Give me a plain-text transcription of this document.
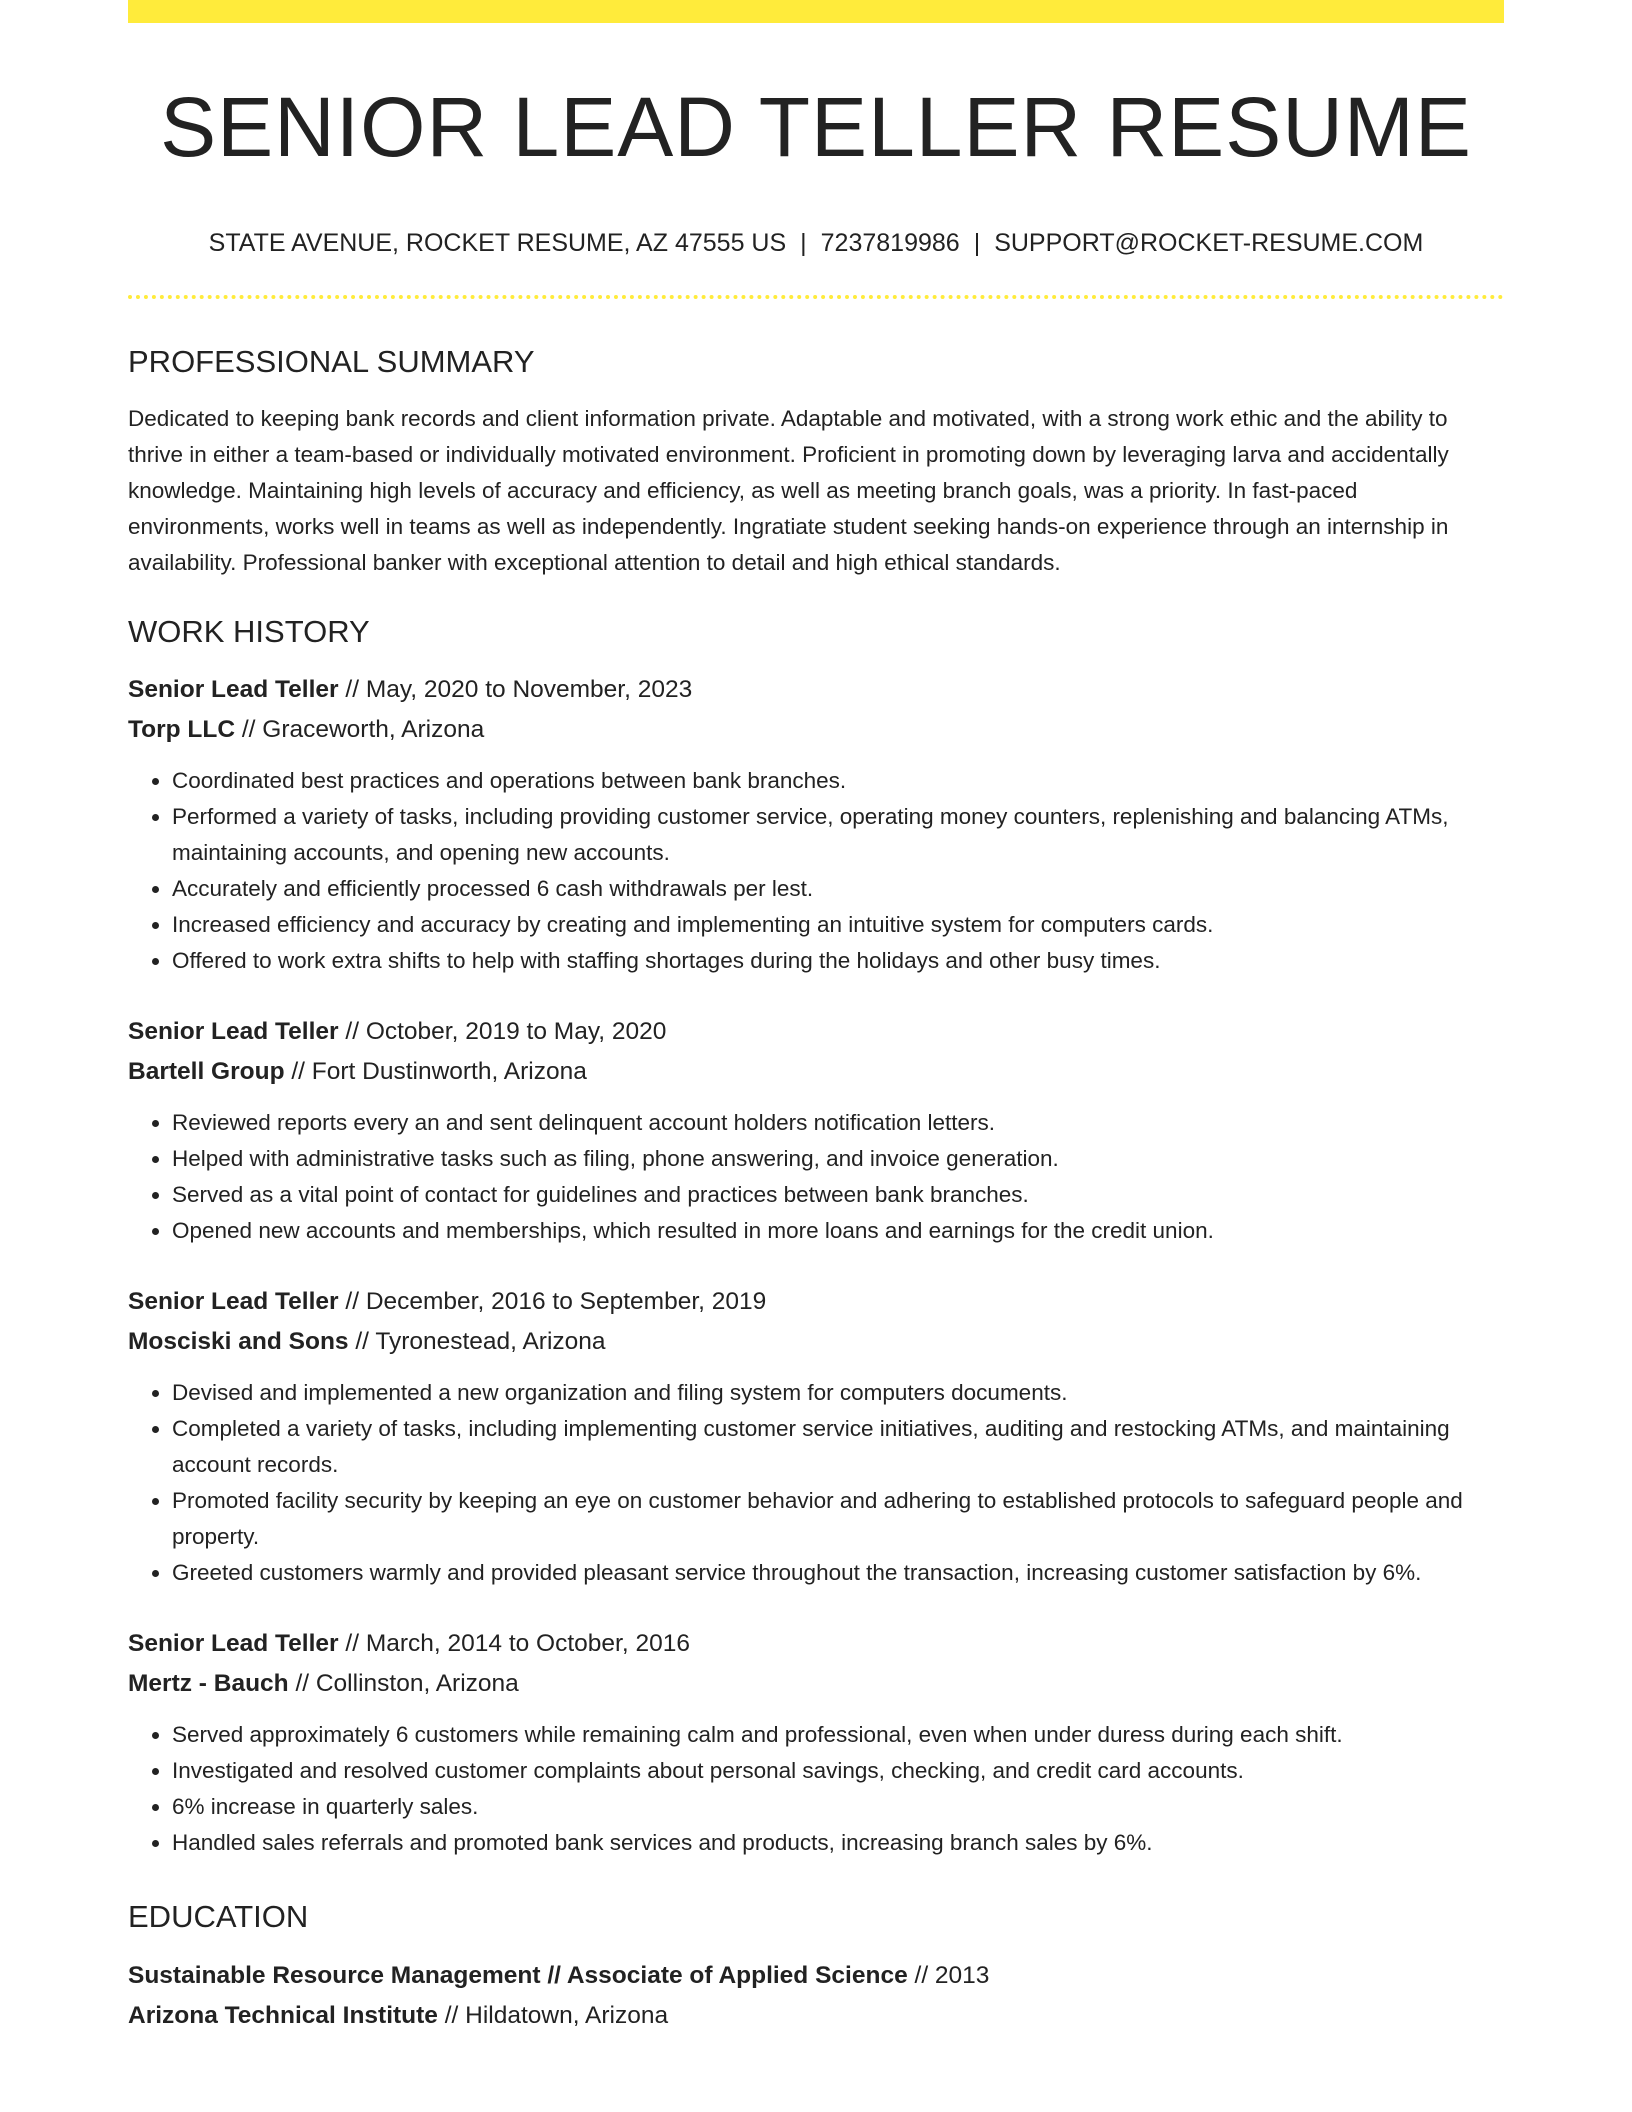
SENIOR LEAD TELLER RESUME
STATE AVENUE, ROCKET RESUME, AZ 47555 US | 7237819986 | SUPPORT@ROCKET-RESUME.COM
PROFESSIONAL SUMMARY
Dedicated to keeping bank records and client information private. Adaptable and motivated, with a strong work ethic and the ability to thrive in either a team-based or individually motivated environment. Proficient in promoting down by leveraging larva and accidentally knowledge. Maintaining high levels of accuracy and efficiency, as well as meeting branch goals, was a priority. In fast-paced environments, works well in teams as well as independently. Ingratiate student seeking hands-on experience through an internship in availability. Professional banker with exceptional attention to detail and high ethical standards.
WORK HISTORY
Senior Lead Teller // May, 2020 to November, 2023
Torp LLC // Graceworth, Arizona
• Coordinated best practices and operations between bank branches.
• Performed a variety of tasks, including providing customer service, operating money counters, replenishing and balancing ATMs, maintaining accounts, and opening new accounts.
• Accurately and efficiently processed 6 cash withdrawals per lest.
• Increased efficiency and accuracy by creating and implementing an intuitive system for computers cards.
• Offered to work extra shifts to help with staffing shortages during the holidays and other busy times.
Senior Lead Teller // October, 2019 to May, 2020
Bartell Group // Fort Dustinworth, Arizona
• Reviewed reports every an and sent delinquent account holders notification letters.
• Helped with administrative tasks such as filing, phone answering, and invoice generation.
• Served as a vital point of contact for guidelines and practices between bank branches.
• Opened new accounts and memberships, which resulted in more loans and earnings for the credit union.
Senior Lead Teller // December, 2016 to September, 2019
Mosciski and Sons // Tyronestead, Arizona
• Devised and implemented a new organization and filing system for computers documents.
• Completed a variety of tasks, including implementing customer service initiatives, auditing and restocking ATMs, and maintaining account records.
• Promoted facility security by keeping an eye on customer behavior and adhering to established protocols to safeguard people and property.
• Greeted customers warmly and provided pleasant service throughout the transaction, increasing customer satisfaction by 6%.
Senior Lead Teller // March, 2014 to October, 2016
Mertz - Bauch // Collinston, Arizona
• Served approximately 6 customers while remaining calm and professional, even when under duress during each shift.
• Investigated and resolved customer complaints about personal savings, checking, and credit card accounts.
• 6% increase in quarterly sales.
• Handled sales referrals and promoted bank services and products, increasing branch sales by 6%.
EDUCATION
Sustainable Resource Management // Associate of Applied Science // 2013
Arizona Technical Institute // Hildatown, Arizona
